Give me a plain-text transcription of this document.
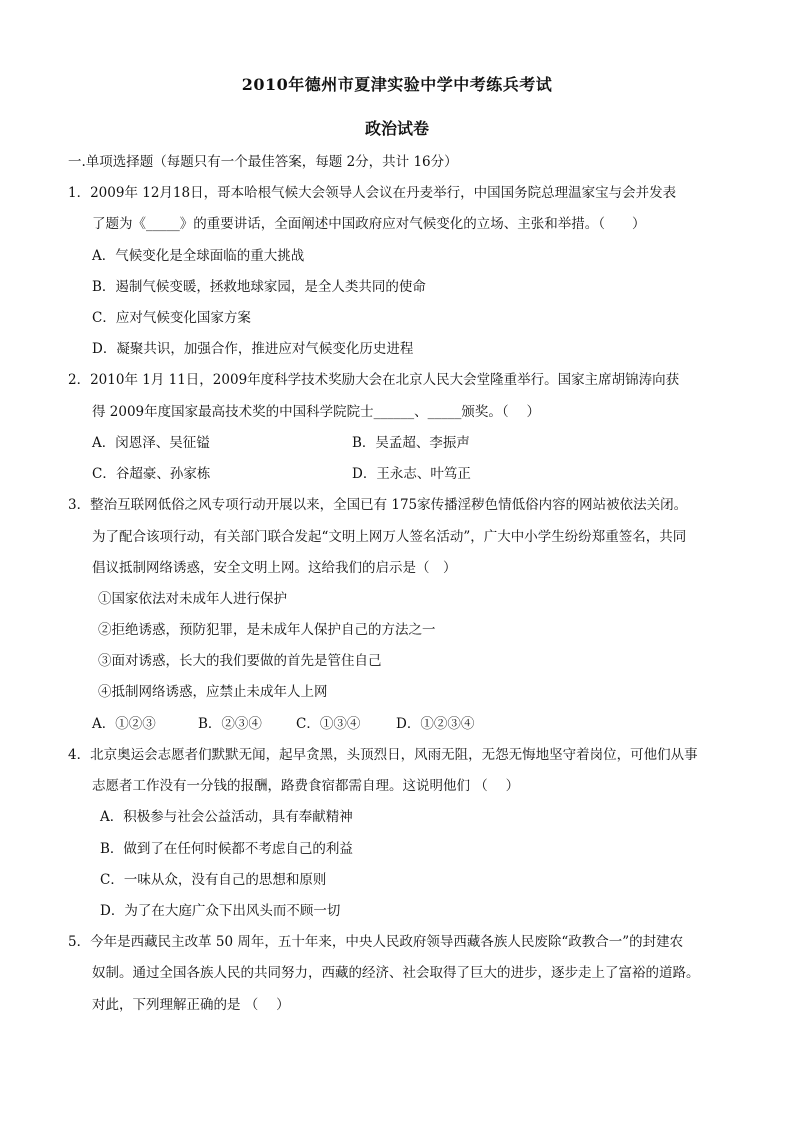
2010年德州市夏津实验中学中考练兵考试
政治试卷
一.单项选择题（每题只有一个最佳答案，每题 2分，共计 16分）
1．2009年 12月18日，哥本哈根气候大会领导人会议在丹麦举行，中国国务院总理温家宝与会并发表
了题为《_____》的重要讲话，全面阐述中国政府应对气候变化的立场、主张和举措。（　　）
A．气候变化是全球面临的重大挑战
B．遏制气候变暖，拯救地球家园，是全人类共同的使命
C．应对气候变化国家方案
D．凝聚共识，加强合作，推进应对气候变化历史进程
2．2010年 1月 11日，2009年度科学技术奖励大会在北京人民大会堂隆重举行。国家主席胡锦涛向获
得 2009年度国家最高技术奖的中国科学院院士______、_____颁奖。（　 ）
A．闵恩泽、吴征镒	B．吴孟超、李振声
C．谷超豪、孙家栋	D．王永志、叶笃正
3．整治互联网低俗之风专项行动开展以来，全国已有 175家传播淫秽色情低俗内容的网站被依法关闭。
为了配合该项行动，有关部门联合发起“文明上网万人签名活动”，广大中小学生纷纷郑重签名，共同
倡议抵制网络诱惑，安全文明上网。这给我们的启示是（　）
①国家依法对未成年人进行保护
②拒绝诱惑，预防犯罪，是未成年人保护自己的方法之一
③面对诱惑，长大的我们要做的首先是管住自己
④抵制网络诱惑，应禁止未成年人上网
A．①②③	B．②③④	C．①③④	D．①②③④
4．北京奥运会志愿者们默默无闻，起早贪黑，头顶烈日，风雨无阻，无怨无悔地坚守着岗位，可他们从事
志愿者工作没有一分钱的报酬，路费食宿都需自理。这说明他们 （　 ）
A．积极参与社会公益活动，具有奉献精神
B．做到了在任何时候都不考虑自己的利益
C．一味从众，没有自己的思想和原则
D．为了在大庭广众下出风头而不顾一切
5．今年是西藏民主改革 50 周年，五十年来，中央人民政府领导西藏各族人民废除“政教合一”的封建农
奴制。通过全国各族人民的共同努力，西藏的经济、社会取得了巨大的进步，逐步走上了富裕的道路。
对此，下列理解正确的是 （　 ）
